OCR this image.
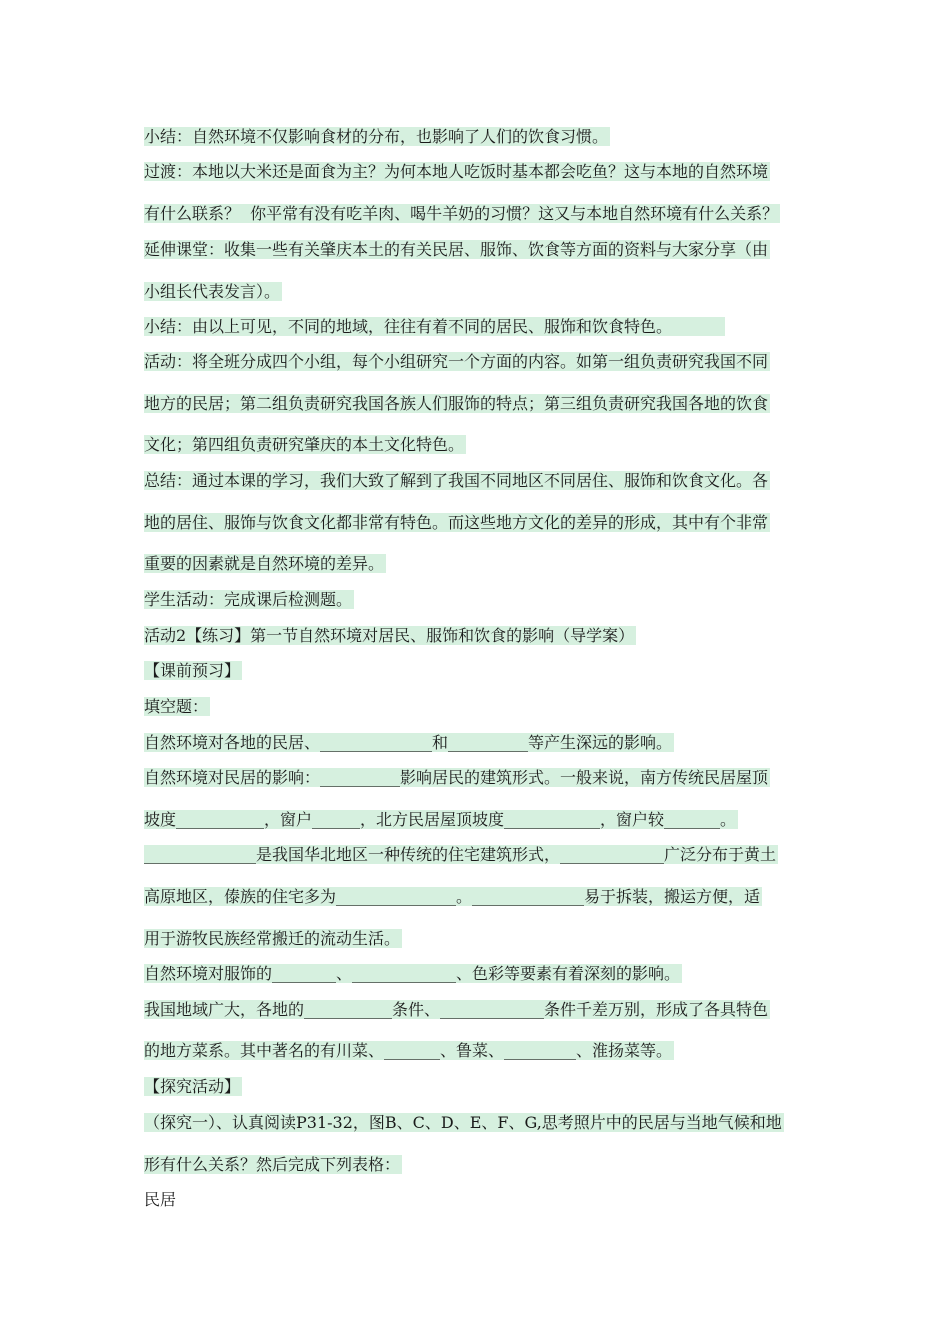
小结：自然环境不仅影响食材的分布，也影响了人们的饮食习惯。
过渡：本地以大米还是面食为主？为何本地人吃饭时基本都会吃鱼？这与本地的自然环境
有什么联系？  你平常有没有吃羊肉、喝牛羊奶的习惯？这又与本地自然环境有什么关系？
延伸课堂：收集一些有关肇庆本土的有关民居、服饰、饮食等方面的资料与大家分享（由
小组长代表发言）。
小结：由以上可见，不同的地域，往往有着不同的居民、服饰和饮食特色。
活动：将全班分成四个小组，每个小组研究一个方面的内容。如第一组负责研究我国不同
地方的民居；第二组负责研究我国各族人们服饰的特点；第三组负责研究我国各地的饮食
文化；第四组负责研究肇庆的本土文化特色。
总结：通过本课的学习，我们大致了解到了我国不同地区不同居住、服饰和饮食文化。各
地的居住、服饰与饮食文化都非常有特色。而这些地方文化的差异的形成，其中有个非常
重要的因素就是自然环境的差异。
学生活动：完成课后检测题。
活动2【练习】第一节自然环境对居民、服饰和饮食的影响（导学案）
【课前预习】
填空题：
自然环境对各地的民居、______________和__________等产生深远的影响。
自然环境对民居的影响：__________影响居民的建筑形式。一般来说，南方传统民居屋顶
坡度___________，窗户______，北方民居屋顶坡度____________，窗户较_______。
______________是我国华北地区一种传统的住宅建筑形式，_____________广泛分布于黄土
高原地区，傣族的住宅多为_______________。______________易于拆装，搬运方便，适
用于游牧民族经常搬迁的流动生活。
自然环境对服饰的________、_____________、色彩等要素有着深刻的影响。
我国地域广大，各地的___________条件、_____________条件千差万别，形成了各具特色
的地方菜系。其中著名的有川菜、_______、鲁菜、_________、淮扬菜等。
【探究活动】
（探究一）、认真阅读P31-32，图B、C、D、E、F、G,思考照片中的民居与当地气候和地
形有什么关系？然后完成下列表格：
民居
